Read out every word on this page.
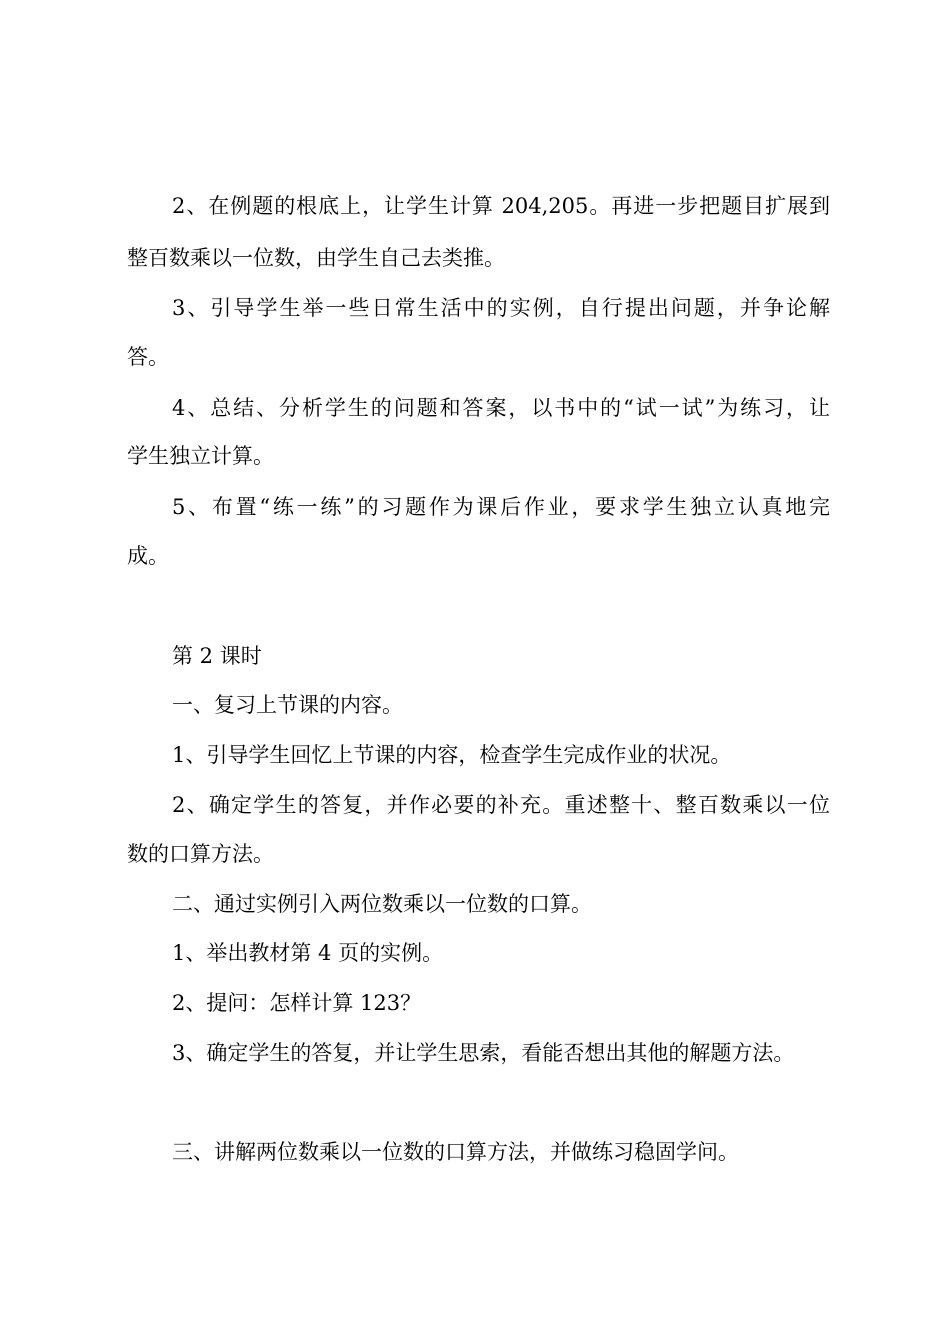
2、在例题的根底上，让学生计算 204,205。再进一步把题目扩展到
整百数乘以一位数，由学生自己去类推。
3、引导学生举一些日常生活中的实例，自行提出问题，并争论解
答。
4、总结、分析学生的问题和答案，以书中的“试一试”为练习，让
学生独立计算。
5、布置“练一练”的习题作为课后作业，要求学生独立认真地完
成。
第 2 课时
一、复习上节课的内容。
1、引导学生回忆上节课的内容，检查学生完成作业的状况。
2、确定学生的答复，并作必要的补充。重述整十、整百数乘以一位
数的口算方法。
二、通过实例引入两位数乘以一位数的口算。
1、举出教材第 4 页的实例。
2、提问：怎样计算 123？
3、确定学生的答复，并让学生思索，看能否想出其他的解题方法。
三、讲解两位数乘以一位数的口算方法，并做练习稳固学问。
